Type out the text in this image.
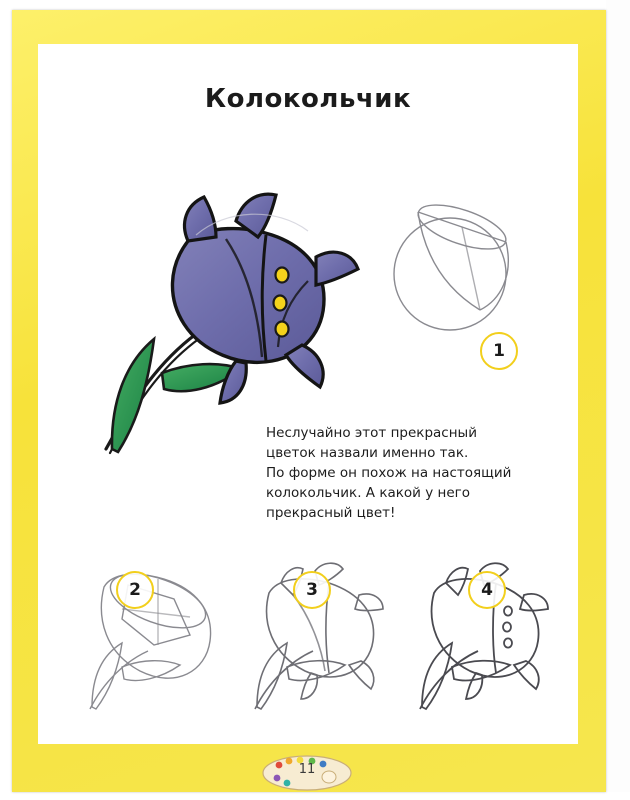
Колокольчик
1
Неслучайно этот прекрасный
цветок назвали именно так.
По форме он похож на настоящий
колокольчик. А какой у него
прекрасный цвет!
2	3	4
11
